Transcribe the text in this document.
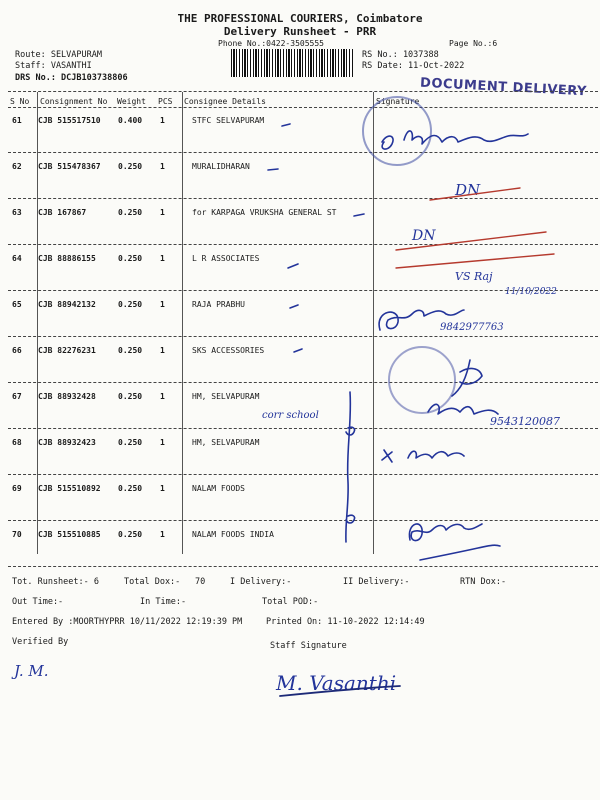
THE PROFESSIONAL COURIERS, Coimbatore
Delivery Runsheet - PRR
Phone No.:0422-3505555	Page No.:6
Route: SELVAPURAM
Staff: VASANTHI
DRS No.: DCJB103738806
RS No.: 1037388
RS Date: 11-Oct-2022
DOCUMENT DELIVERY
S No Consignment No Weight PCS Consignee Details	Signature
61 CJB 515517510 0.400 1	STFC SELVAPURAM
62 CJB 515478367 0.250 1	MURALIDHARAN
63 CJB 167867	0.250 1	for KARPAGA VRUKSHA GENERAL ST
64 CJB 88886155	0.250 1	L R ASSOCIATES
65 CJB 88942132	0.250 1	RAJA PRABHU
66 CJB 82276231	0.250 1	SKS ACCESSORIES
67 CJB 88932428	0.250 1	HM, SELVAPURAM
68 CJB 88932423	0.250 1	HM, SELVAPURAM
69 CJB 515510892 0.250 1	NALAM FOODS
70 CJB 515510885 0.250 1	NALAM FOODS INDIA
Tot. Runsheet:- 6	Total Dox:- 70	I Delivery:-	II Delivery:-	RTN Dox:-
Out Time:-	In Time:-	Total POD:-
Entered By :MOORTHYPRR 10/11/2022 12:19:39 PM	Printed On: 11-10-2022 12:14:49
Verified By	Staff Signature
DN
DN
VS Raj
11/10/2022
9842977763
corr school	9543120087
J. M.	M. Vasanthi
